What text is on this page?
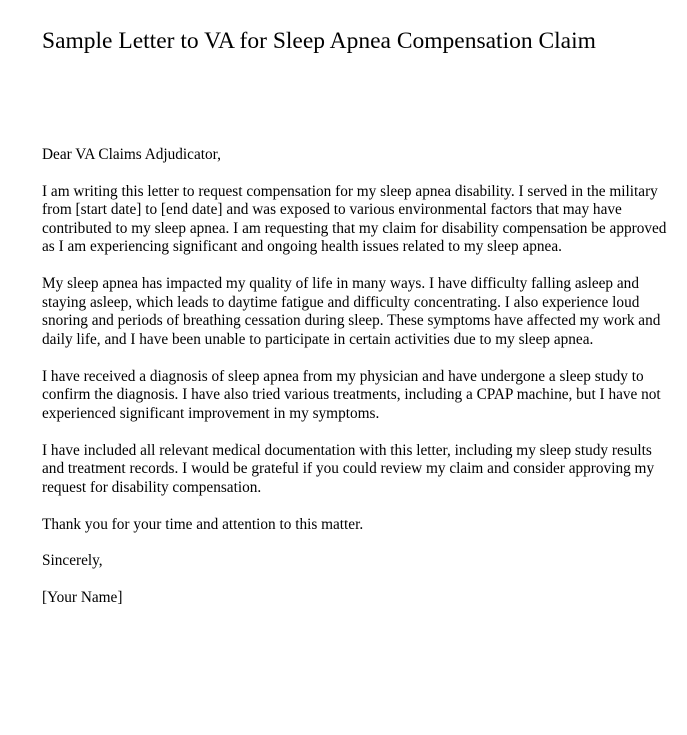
Sample Letter to VA for Sleep Apnea Compensation Claim

Dear VA Claims Adjudicator,

I am writing this letter to request compensation for my sleep apnea disability. I served in the military from [start date] to [end date] and was exposed to various environmental factors that may have contributed to my sleep apnea. I am requesting that my claim for disability compensation be approved as I am experiencing significant and ongoing health issues related to my sleep apnea.

My sleep apnea has impacted my quality of life in many ways. I have difficulty falling asleep and staying asleep, which leads to daytime fatigue and difficulty concentrating. I also experience loud snoring and periods of breathing cessation during sleep. These symptoms have affected my work and daily life, and I have been unable to participate in certain activities due to my sleep apnea.

I have received a diagnosis of sleep apnea from my physician and have undergone a sleep study to confirm the diagnosis. I have also tried various treatments, including a CPAP machine, but I have not experienced significant improvement in my symptoms.

I have included all relevant medical documentation with this letter, including my sleep study results and treatment records. I would be grateful if you could review my claim and consider approving my request for disability compensation.

Thank you for your time and attention to this matter.

Sincerely,

[Your Name]
